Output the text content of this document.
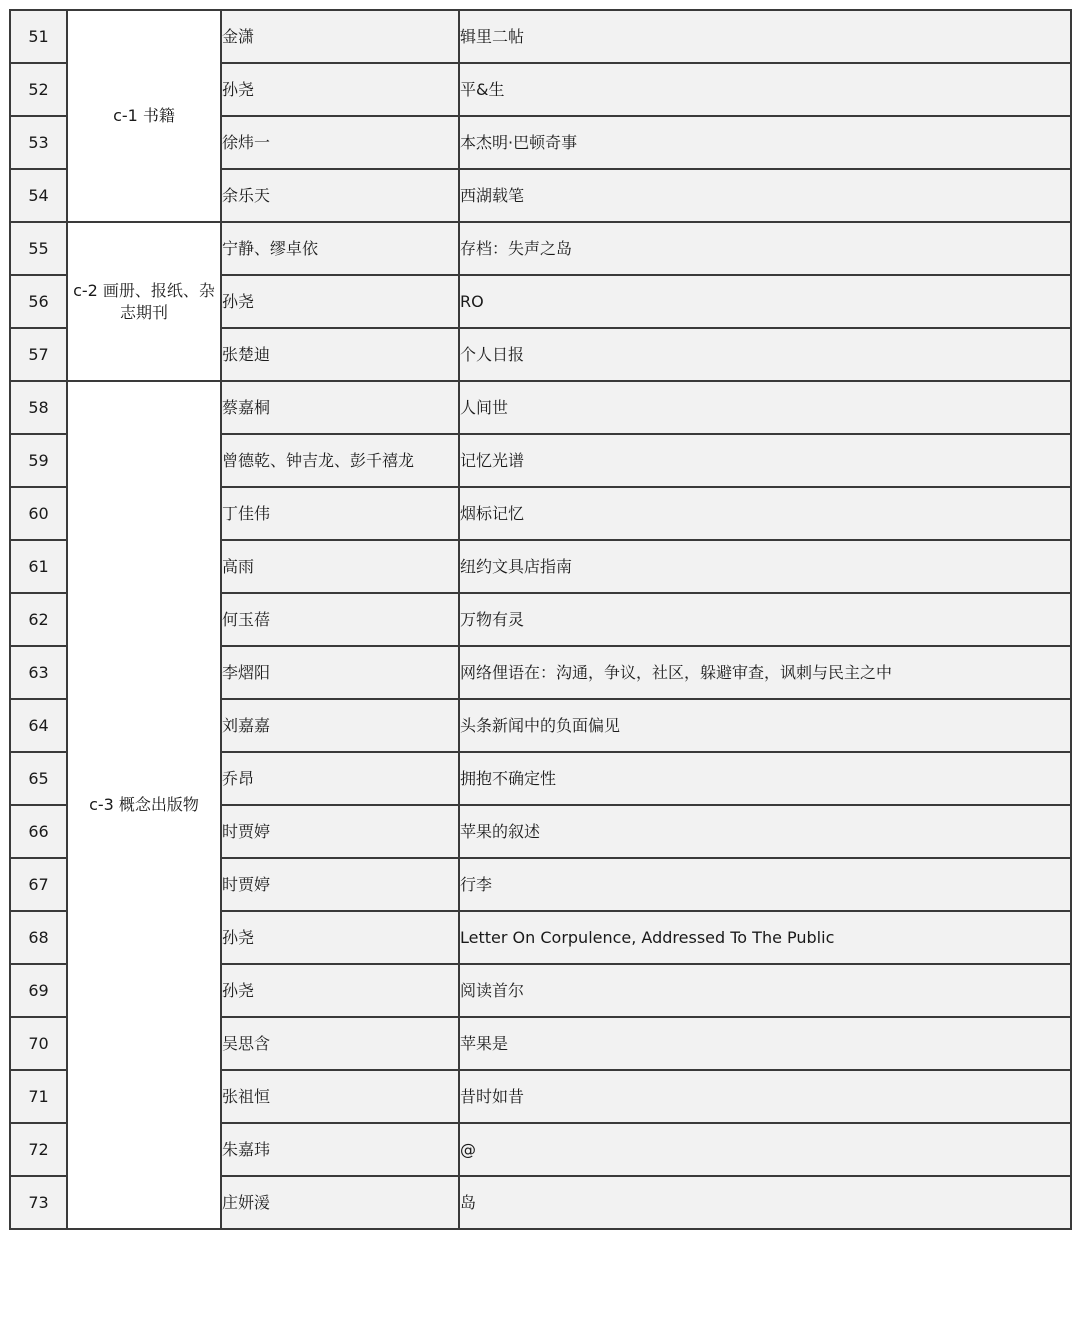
51	c-1 书籍	金潇	辑里二帖
52		孙尧	平&生
53		徐炜一	本杰明·巴顿奇事
54		余乐天	西湖载笔
55	c-2 画册、报纸、杂志期刊	宁静、缪卓依	存档：失声之岛
56		孙尧	RO
57		张楚迪	个人日报
58	c-3 概念出版物	蔡嘉桐	人间世
59		曾德乾、钟吉龙、彭千禧龙	记忆光谱
60		丁佳伟	烟标记忆
61		高雨	纽约文具店指南
62		何玉蓓	万物有灵
63		李熠阳	网络俚语在：沟通，争议，社区，躲避审查，讽刺与民主之中
64		刘嘉嘉	头条新闻中的负面偏见
65		乔昂	拥抱不确定性
66		时贾婷	苹果的叙述
67		时贾婷	行李
68		孙尧	Letter On Corpulence, Addressed To The Public
69		孙尧	阅读首尔
70		吴思含	苹果是
71		张祖恒	昔时如昔
72		朱嘉玮	@
73		庄妍湲	岛
